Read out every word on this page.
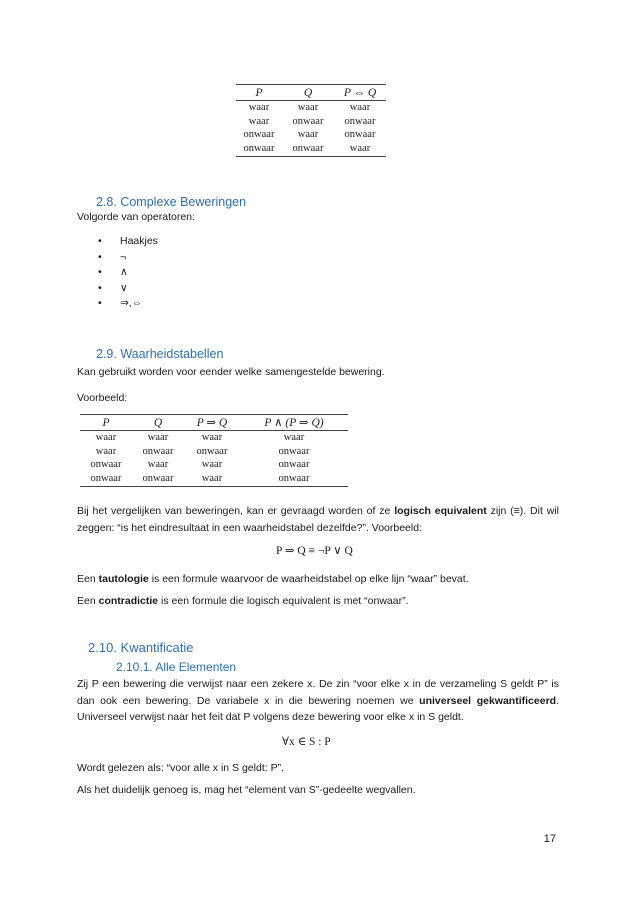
P	Q	P ⇔ Q
waar	waar	waar
waar	onwaar	onwaar
onwaar	waar	onwaar
onwaar	onwaar	waar
2.8. Complexe Beweringen

Volgorde van operatoren:

• Haakjes
• ¬
• ∧
• ∨
• ⇒,⇔
2.9. Waarheidstabellen

Kan gebruikt worden voor eender welke samengestelde bewering.

Voorbeeld:

P	Q	P ⇒ Q	P ∧ (P ⇒ Q)
waar	waar	waar	waar
waar	onwaar	onwaar	onwaar
onwaar	waar	waar	onwaar
onwaar	onwaar	waar	onwaar

Bij het vergelijken van beweringen, kan er gevraagd worden of ze logisch equivalent zijn (≡). Dit wil zeggen: “is het eindresultaat in een waarheidstabel dezelfde?”. Voorbeeld:

P ⇒ Q ≡ ¬P ∨ Q

Een tautologie is een formule waarvoor de waarheidstabel op elke lijn “waar” bevat.

Een contradictie is een formule die logisch equivalent is met “onwaar”.

2.10. Kwantificatie
2.10.1. Alle Elementen

Zij P een bewering die verwijst naar een zekere x. De zin “voor elke x in de verzameling S geldt P” is dan ook een bewering. De variabele x in die bewering noemen we universeel gekwantificeerd. Universeel verwijst naar het feit dat P volgens deze bewering voor elke x in S geldt.

∀x ∈ S : P

Wordt gelezen als: “voor alle x in S geldt: P”.

Als het duidelijk genoeg is, mag het “element van S”-gedeelte wegvallen.

17
